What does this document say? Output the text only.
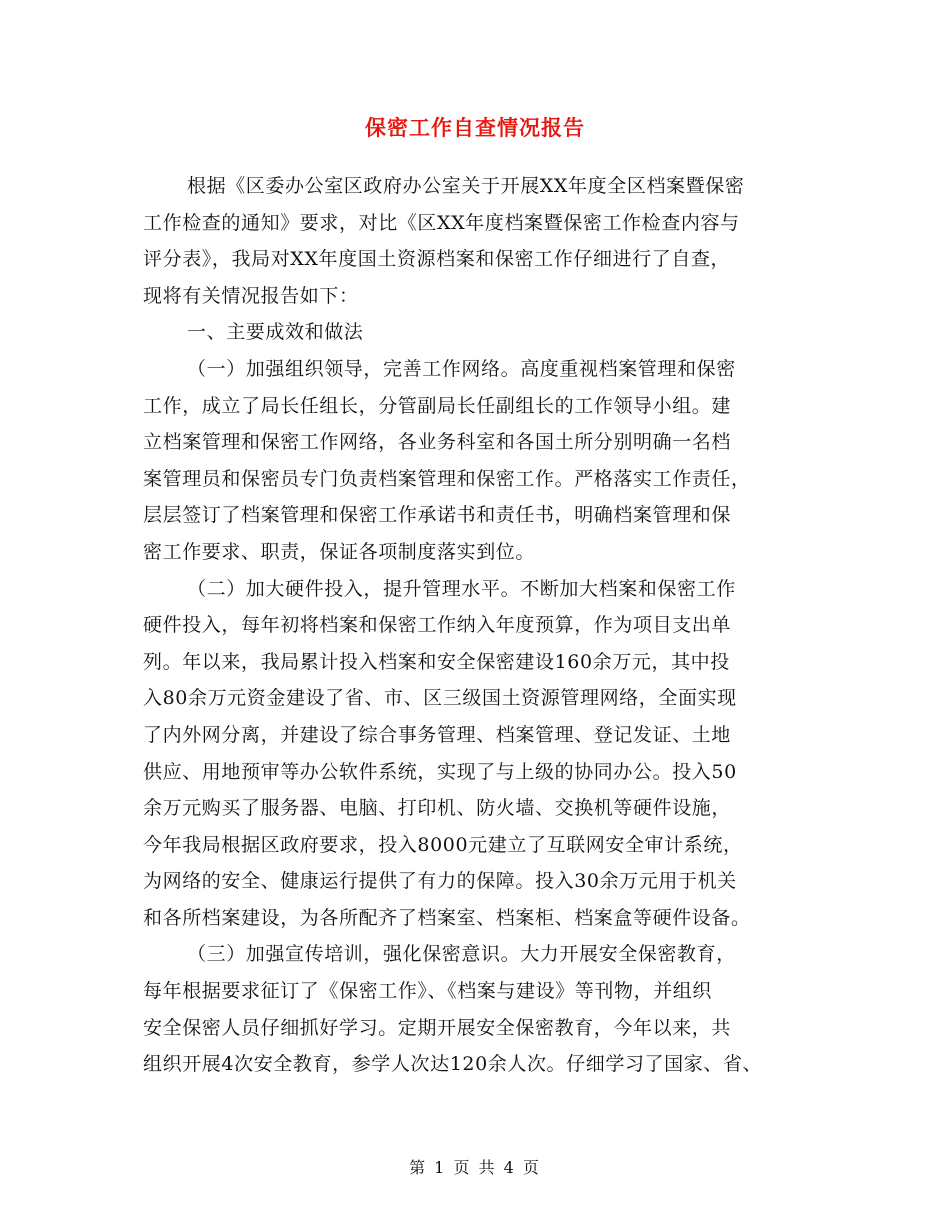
保密工作自查情况报告
根据《区委办公室区政府办公室关于开展XX年度全区档案暨保密
工作检查的通知》要求，对比《区XX年度档案暨保密工作检查内容与
评分表》，我局对XX年度国土资源档案和保密工作仔细进行了自查，
现将有关情况报告如下：
一、主要成效和做法
（一）加强组织领导，完善工作网络。高度重视档案管理和保密
工作，成立了局长任组长，分管副局长任副组长的工作领导小组。建
立档案管理和保密工作网络，各业务科室和各国土所分别明确一名档
案管理员和保密员专门负责档案管理和保密工作。严格落实工作责任，
层层签订了档案管理和保密工作承诺书和责任书，明确档案管理和保
密工作要求、职责，保证各项制度落实到位。
（二）加大硬件投入，提升管理水平。不断加大档案和保密工作
硬件投入，每年初将档案和保密工作纳入年度预算，作为项目支出单
列。年以来，我局累计投入档案和安全保密建设160余万元，其中投
入80余万元资金建设了省、市、区三级国土资源管理网络，全面实现
了内外网分离，并建设了综合事务管理、档案管理、登记发证、土地
供应、用地预审等办公软件系统，实现了与上级的协同办公。投入50
余万元购买了服务器、电脑、打印机、防火墙、交换机等硬件设施，
今年我局根据区政府要求，投入8000元建立了互联网安全审计系统，
为网络的安全、健康运行提供了有力的保障。投入30余万元用于机关
和各所档案建设，为各所配齐了档案室、档案柜、档案盒等硬件设备。
（三）加强宣传培训，强化保密意识。大力开展安全保密教育，
每年根据要求征订了《保密工作》、《档案与建设》等刊物，并组织
安全保密人员仔细抓好学习。定期开展安全保密教育，今年以来，共
组织开展4次安全教育，参学人次达120余人次。仔细学习了国家、省、
第 1 页 共 4 页
